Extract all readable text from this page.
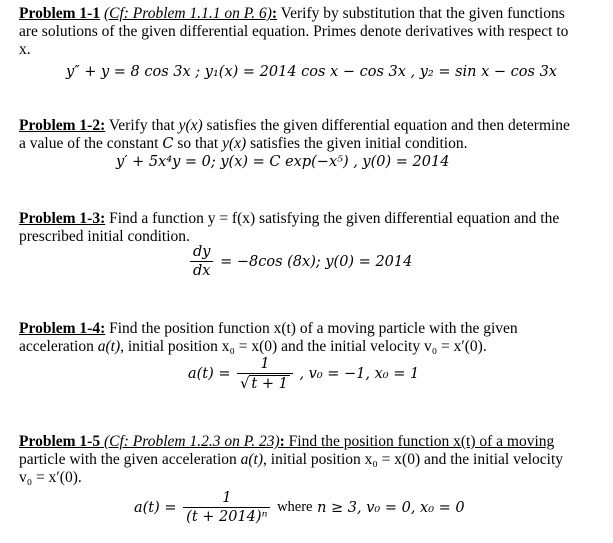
Problem 1-1 (Cf: Problem 1.1.1 on P. 6): Verify by substitution that the given functions
are solutions of the given differential equation. Primes denote derivatives with respect to
x.
y″ + y = 8 cos 3x ; y₁(x) = 2014 cos x − cos 3x , y₂ = sin x − cos 3x
Problem 1-2: Verify that y(x) satisfies the given differential equation and then determine
a value of the constant C so that y(x) satisfies the given initial condition.
y′ + 5x⁴y = 0; y(x) = C exp(−x⁵) , y(0) = 2014
Problem 1-3: Find a function y = f(x) satisfying the given differential equation and the
prescribed initial condition.
$\frac{dy}{dx} = -8\cos$ (8x); y(0) = 2014
Problem 1-4: Find the position function x(t) of a moving particle with the given
acceleration a(t), initial position x₀ = x(0) and the initial velocity v₀ = x′(0).
$a(t) = \frac{1}{√ t + 1}$ , v₀ = −1, x₀ = 1
Problem 1-5 (Cf: Problem 1.2.3 on P. 23): Find the position function x(t) of a moving
particle with the given acceleration a(t), initial position x₀ = x(0) and the initial velocity
v₀ = x′(0).
$a(t) = \frac{1}{\text{(t + 2014)ⁿ}}$ where n ≥ 3, v₀ = 0, x₀ = 0
